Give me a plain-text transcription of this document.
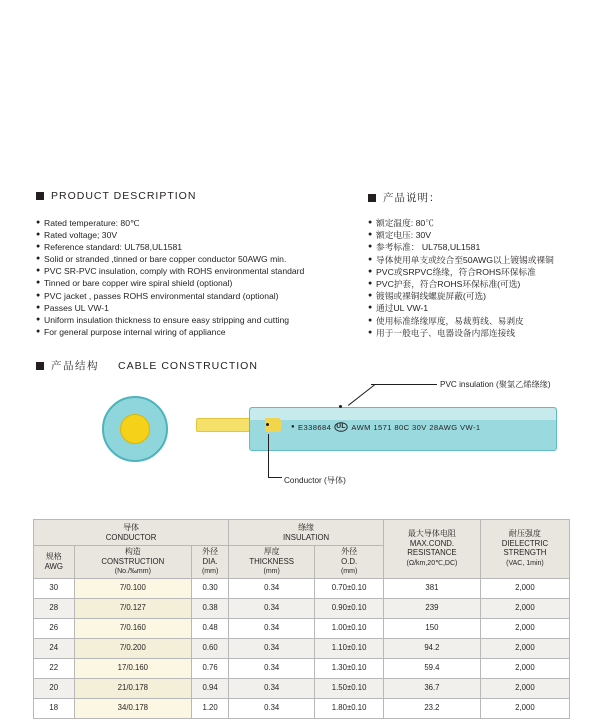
PRODUCT DESCRIPTION
● Rated temperature: 80℃
● Rated voltage; 30V
● Reference standard: UL758,UL1581
● Solid or stranded ,tinned or bare copper conductor 50AWG min.
● PVC SR-PVC insulation, comply with ROHS environmental standard
● Tinned or bare copper wire spiral shield (optional)
● PVC jacket , passes ROHS environmental standard (optional)
● Passes UL VW-1
● Uniform insulation thickness to ensure easy stripping and cutting
● For general purpose internal wiring of appliance
产品说明：
● 额定温度: 80℃
● 额定电压: 30V
● 参考标准： UL758,UL1581
● 导体使用单支或绞合至50AWG以上镀锡或裸铜
● PVC或SRPVC绦缘，符合ROHS环保标准
● PVC护套，符合ROHS环保标准(可选)
● 镀锡或裸铜线螺旋屏蔽(可选)
● 通过UL VW-1
● 使用标准绦缘厚度，易裁剪线、易剥皮
● 用于一般电子、电器设备内部连接线
产品结构 CABLE CONSTRUCTION
● E338684 UL AWM 1571 80C 30V 28AWG VW-1
PVC insulation (聚氯乙烯绦缘)
Conductor (导体)
导体
CONDUCTOR			绦缘
INSULATION		最大导体电阻
MAX.COND.
RESISTANCE
(Ω/km,20℃,DC)	耐压强度
DIELECTRIC
STRENGTH
(VAC, 1min)
规格
AWG	构造
CONSTRUCTION
(No./‰mm)	外径
DIA.
(mm)	厚度
THICKNESS
(mm)	外径
O.D.
(mm)		
30	7/0.100	0.30	0.34	0.70±0.10	381	2,000
28	7/0.127	0.38	0.34	0.90±0.10	239	2,000
26	7/0.160	0.48	0.34	1.00±0.10	150	2,000
24	7/0.200	0.60	0.34	1.10±0.10	94.2	2,000
22	17/0.160	0.76	0.34	1.30±0.10	59.4	2,000
20	21/0.178	0.94	0.34	1.50±0.10	36.7	2,000
18	34/0.178	1.20	0.34	1.80±0.10	23.2	2,000
